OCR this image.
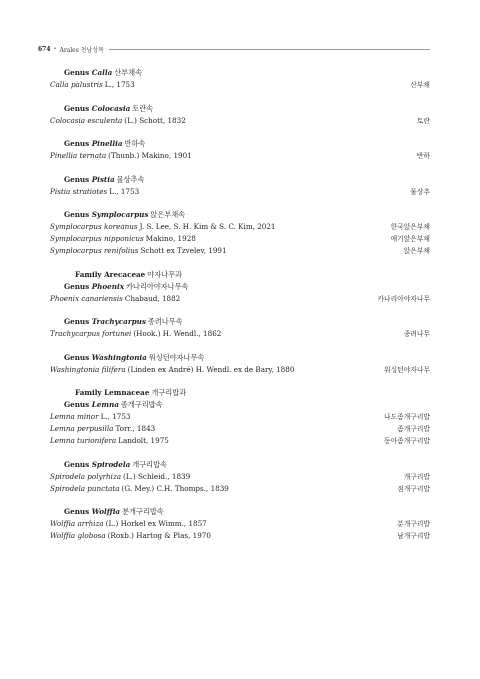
674 • Arales 천남성목
Genus Calla 산부채속
Calla palustris L., 1753	산부채
Genus Colocasia 토란속
Colocasia esculenta (L.) Schott, 1832	토란
Genus Pinellia 반하속
Pinellia ternata (Thunb.) Makino, 1901	반하
Genus Pistia 물상추속
Pistia stratiotes L., 1753	물상추
Genus Symplocarpus 앉은부채속
Symplocarpus koreanus J. S. Lee, S. H. Kim & S. C. Kim, 2021	한국앉은부채
Symplocarpus nipponicus Makino, 1928	애기앉은부채
Symplocarpus renifolius Schott ex Tzvelev, 1991	앉은부채
Family Arecaceae 야자나무과
Genus Phoenix 카나리아야자나무속
Phoenix canariensis Chabaud, 1882	카나리아야자나무
Genus Trachycarpus 종려나무속
Trachycarpus fortunei (Hook.) H. Wendl., 1862	종려나무
Genus Washingtonia 워싱턴야자나무속
Washingtonia filifera (Linden ex André) H. Wendl. ex de Bary, 1880	워싱턴야자나무
Family Lemnaceae 개구리밥과
Genus Lemna 좀개구리밥속
Lemna minor L., 1753	나도좀개구리밥
Lemna perpusilla Torr., 1843	좀개구리밥
Lemna turionifera Landolt, 1975	동아좀개구리밥
Genus Spirodela 개구리밥속
Spirodela polyrhiza (L.) Schleid., 1839	개구리밥
Spirodela punctata (G. Mey.) C.H. Thomps., 1839	점개구리밥
Genus Wolffia 분개구리밥속
Wolffia arrhiza (L.) Horkel ex Wimm., 1857	분개구리밥
Wolffia globosa (Roxb.) Hartog & Plas, 1970	남개구리밥
